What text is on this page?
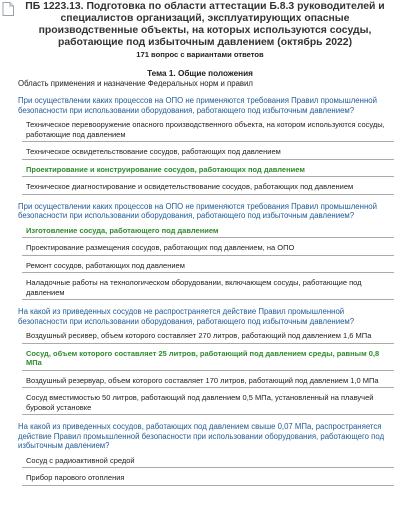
ПБ 1223.13. Подготовка по области аттестации Б.8.3 руководителей и специалистов организаций, эксплуатирующих опасные производственные объекты, на которых используются сосуды, работающие под избыточным давлением (октябрь 2022)
171 вопрос с вариантами ответов
Тема 1. Общие положения
Область применения и назначение Федеральных норм и правил
При осуществлении каких процессов на ОПО не применяются требования Правил промышленной безопасности при использовании оборудования, работающего под избыточным давлением?
Техническое перевооружение опасного производственного объекта, на котором используются сосуды, работающие под давлением
Техническое освидетельствование сосудов, работающих под давлением
Проектирование и конструирование сосудов, работающих под давлением
Техническое диагностирование и освидетельствование сосудов, работающих под давлением
При осуществлении каких процессов на ОПО не применяются требования Правил промышленной безопасности при использовании оборудования, работающего под избыточным давлением?
Изготовление сосуда, работающего под давлением
Проектирование размещения сосудов, работающих под давлением, на ОПО
Ремонт сосудов, работающих под давлением
Наладочные работы на технологическом оборудовании, включающем сосуды, работающие под давлением
На какой из приведенных сосудов не распространяется действие Правил промышленной безопасности при использовании оборудования, работающего под избыточным давлением?
Воздушный ресивер, объем которого составляет 270 литров, работающий под давлением 1,6 МПа
Сосуд, объем которого составляет 25 литров, работающий под давлением среды, равным 0,8 МПа
Воздушный резервуар, объем которого составляет 170 литров, работающий под давлением 1,0 МПа
Сосуд вместимостью 50 литров, работающий под давлением 0,5 МПа, установленный на плавучей буровой установке
На какой из приведенных сосудов, работающих под давлением свыше 0,07 МПа, распространяется действие Правил промышленной безопасности при использовании оборудования, работающего под избыточным давлением?
Сосуд с радиоактивной средой
Прибор парового отопления
